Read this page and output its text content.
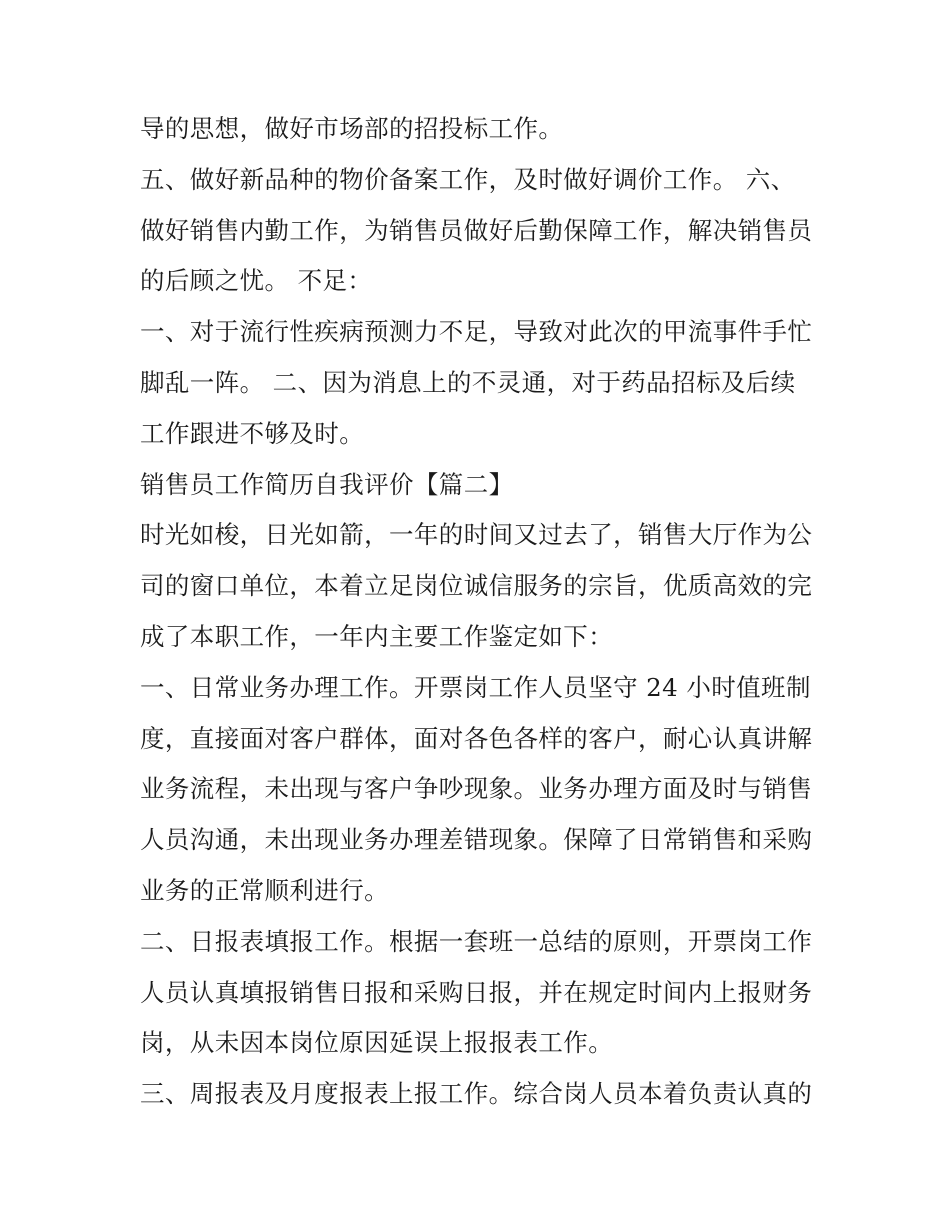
导的思想，做好市场部的招投标工作。
五、做好新品种的物价备案工作，及时做好调价工作。 六、
做好销售内勤工作，为销售员做好后勤保障工作，解决销售员
的后顾之忧。 不足：
一、对于流行性疾病预测力不足，导致对此次的甲流事件手忙
脚乱一阵。 二、因为消息上的不灵通，对于药品招标及后续
工作跟进不够及时。
销售员工作简历自我评价【篇二】
时光如梭，日光如箭，一年的时间又过去了，销售大厅作为公
司的窗口单位，本着立足岗位诚信服务的宗旨，优质高效的完
成了本职工作，一年内主要工作鉴定如下：
一、日常业务办理工作。开票岗工作人员坚守 24 小时值班制
度，直接面对客户群体，面对各色各样的客户，耐心认真讲解
业务流程，未出现与客户争吵现象。业务办理方面及时与销售
人员沟通，未出现业务办理差错现象。保障了日常销售和采购
业务的正常顺利进行。
二、日报表填报工作。根据一套班一总结的原则，开票岗工作
人员认真填报销售日报和采购日报，并在规定时间内上报财务
岗，从未因本岗位原因延误上报报表工作。
三、周报表及月度报表上报工作。综合岗人员本着负责认真的
